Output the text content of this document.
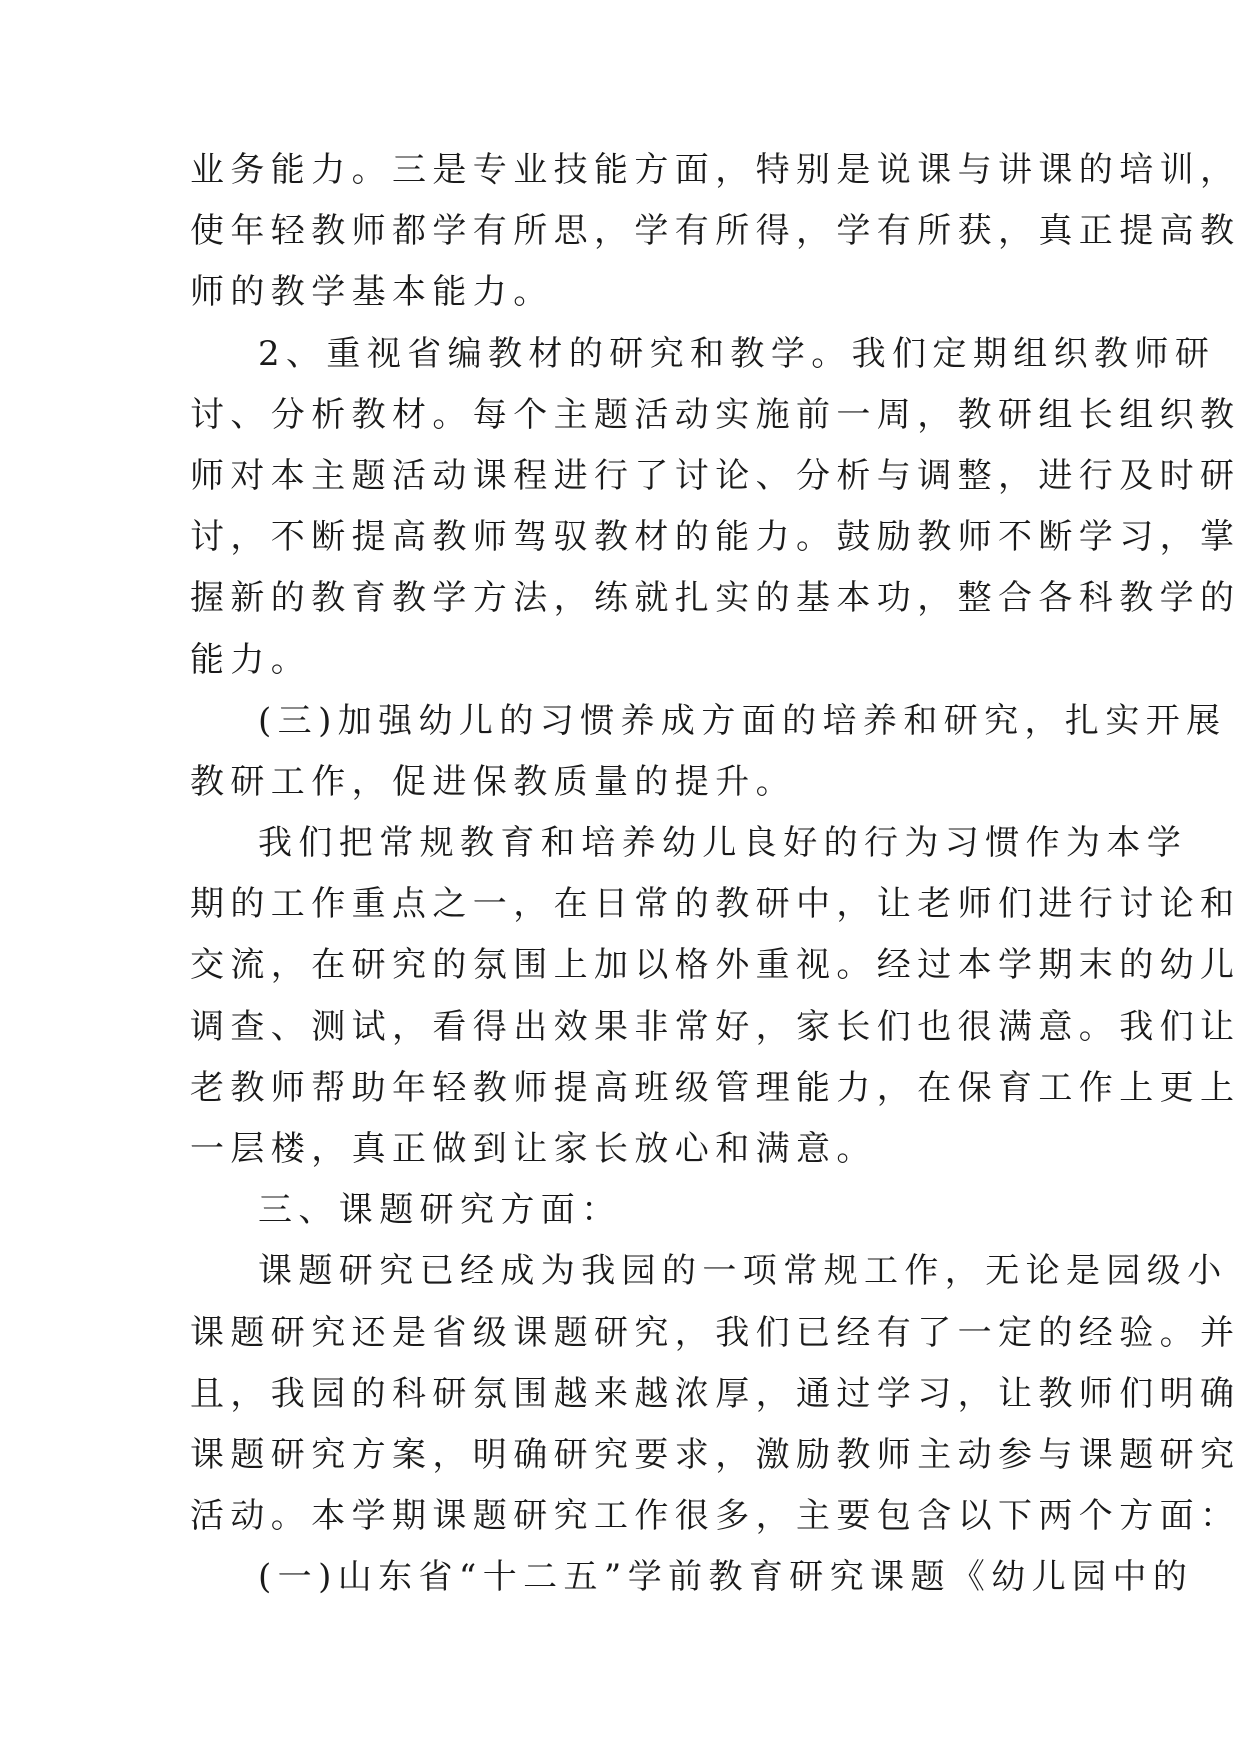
业务能力。三是专业技能方面，特别是说课与讲课的培训，
使年轻教师都学有所思，学有所得，学有所获，真正提高教
师的教学基本能力。
2、重视省编教材的研究和教学。我们定期组织教师研
讨、分析教材。每个主题活动实施前一周，教研组长组织教
师对本主题活动课程进行了讨论、分析与调整，进行及时研
讨，不断提高教师驾驭教材的能力。鼓励教师不断学习，掌
握新的教育教学方法，练就扎实的基本功，整合各科教学的
能力。
(三)加强幼儿的习惯养成方面的培养和研究，扎实开展
教研工作，促进保教质量的提升。
我们把常规教育和培养幼儿良好的行为习惯作为本学
期的工作重点之一，在日常的教研中，让老师们进行讨论和
交流，在研究的氛围上加以格外重视。经过本学期末的幼儿
调查、测试，看得出效果非常好，家长们也很满意。我们让
老教师帮助年轻教师提高班级管理能力，在保育工作上更上
一层楼，真正做到让家长放心和满意。
三、课题研究方面：
课题研究已经成为我园的一项常规工作，无论是园级小
课题研究还是省级课题研究，我们已经有了一定的经验。并
且，我园的科研氛围越来越浓厚，通过学习，让教师们明确
课题研究方案，明确研究要求，激励教师主动参与课题研究
活动。本学期课题研究工作很多，主要包含以下两个方面：
(一)山东省“十二五”学前教育研究课题《幼儿园中的
